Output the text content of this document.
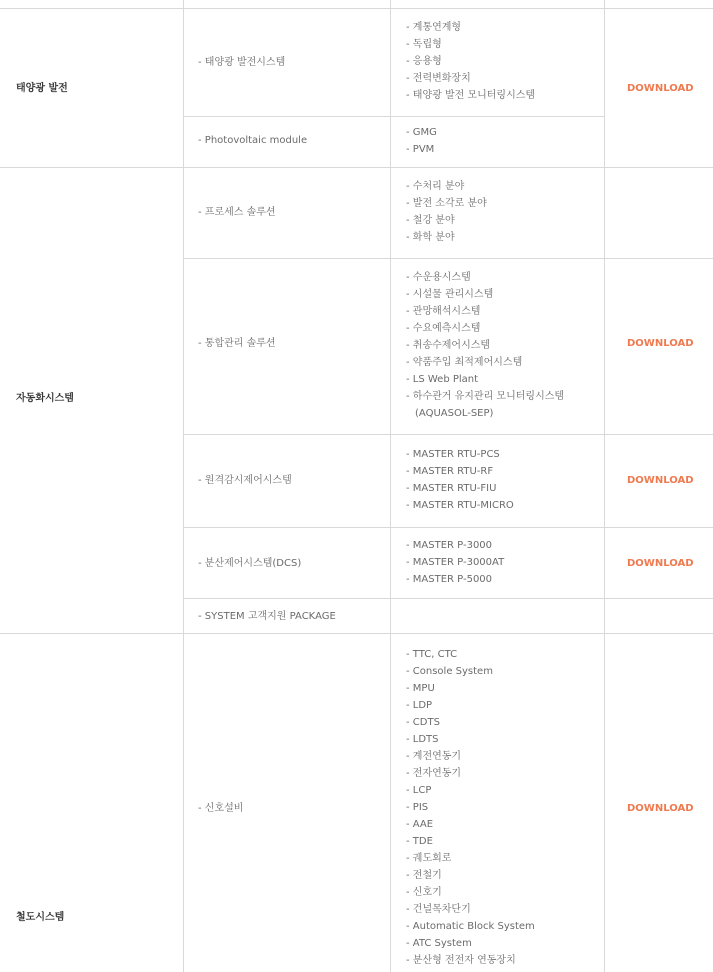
태양광 발전
- 태양광 발전시스템
- 계통연계형
- 독립형
- 응용형
- 전력변화장치
- 태양광 발전 모니터링시스템
DOWNLOAD
- Photovoltaic module
- GMG
- PVM
자동화시스템
- 프로세스 솔루션
- 수처리 분야
- 발전 소각로 분야
- 철강 분야
- 화학 분야
- 통합관리 솔루션
- 수운용시스템
- 시설물 관리시스템
- 관망해석시스템
- 수요예측시스템
- 취송수제어시스템
- 약품주입 최적제어시스템
- LS Web Plant
- 하수관거 유지관리 모니터링시스템
(AQUASOL-SEP)
DOWNLOAD
- 원격감시제어시스템
- MASTER RTU-PCS
- MASTER RTU-RF
- MASTER RTU-FIU
- MASTER RTU-MICRO
DOWNLOAD
- 분산제어시스템(DCS)
- MASTER P-3000
- MASTER P-3000AT
- MASTER P-5000
DOWNLOAD
- SYSTEM 고객지원 PACKAGE
철도시스템
- 신호설비
- TTC, CTC
- Console System
- MPU
- LDP
- CDTS
- LDTS
- 계전연동기
- 전자연동기
- LCP
- PIS
- AAE
- TDE
- 궤도회로
- 전철기
- 신호기
- 건널목차단기
- Automatic Block System
- ATC System
- 분산형 전전자 연동장치
DOWNLOAD
